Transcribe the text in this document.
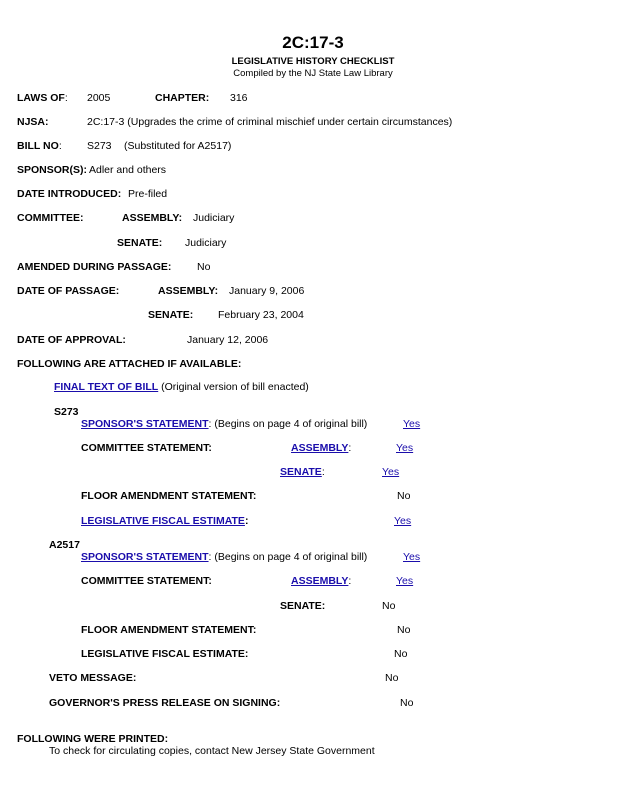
2C:17-3
LEGISLATIVE HISTORY CHECKLIST
Compiled by the NJ State Law Library
LAWS OF: 2005	CHAPTER: 316
NJSA:	2C:17-3 (Upgrades the crime of criminal mischief under certain circumstances)
BILL NO: S273 (Substituted for A2517)
SPONSOR(S): Adler and others
DATE INTRODUCED: Pre-filed
COMMITTEE:	ASSEMBLY: Judiciary
SENATE: Judiciary
AMENDED DURING PASSAGE: No
DATE OF PASSAGE:	ASSEMBLY: January 9, 2006
SENATE: February 23, 2004
DATE OF APPROVAL:	January 12, 2006
FOLLOWING ARE ATTACHED IF AVAILABLE:
FINAL TEXT OF BILL (Original version of bill enacted)
S273
SPONSOR'S STATEMENT: (Begins on page 4 of original bill)	Yes
COMMITTEE STATEMENT:	ASSEMBLY:	Yes
SENATE:	Yes
FLOOR AMENDMENT STATEMENT:	No
LEGISLATIVE FISCAL ESTIMATE:	Yes
A2517
SPONSOR'S STATEMENT: (Begins on page 4 of original bill)	Yes
COMMITTEE STATEMENT:	ASSEMBLY:	Yes
SENATE:	No
FLOOR AMENDMENT STATEMENT:	No
LEGISLATIVE FISCAL ESTIMATE:	No
VETO MESSAGE:	No
GOVERNOR'S PRESS RELEASE ON SIGNING:	No
FOLLOWING WERE PRINTED:
To check for circulating copies, contact New Jersey State Government
